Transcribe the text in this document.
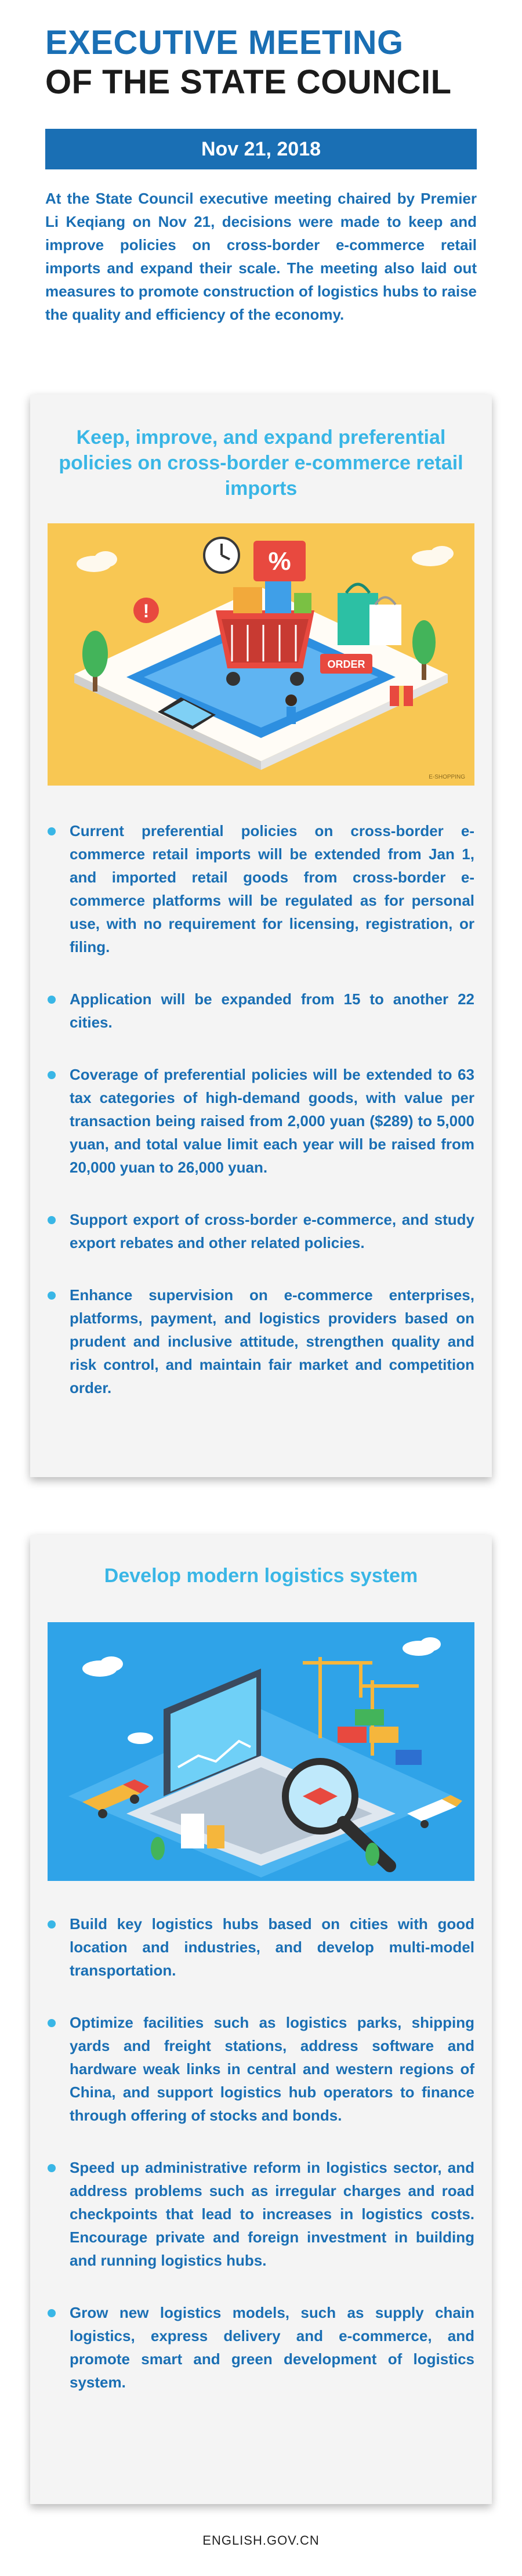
EXECUTIVE MEETING
OF THE STATE COUNCIL
Nov 21, 2018
At the State Council executive meeting chaired by Premier Li Keqiang on Nov 21, decisions were made to keep and improve policies on cross-border e-commerce retail imports and expand their scale. The meeting also laid out measures to promote construction of logistics hubs to raise the quality and efficiency of the economy.
Keep, improve, and expand preferential policies on cross-border e-commerce retail imports
%
ORDER
!
E-SHOPPING
Current preferential policies on cross-border e-commerce retail imports will be extended from Jan 1, and imported retail goods from cross-border e-commerce platforms will be regulated as for personal use, with no requirement for licensing, registration, or filing.
Application will be expanded from 15 to another 22 cities.
Coverage of preferential policies will be extended to 63 tax categories of high-demand goods, with value per transaction being raised from 2,000 yuan ($289) to 5,000 yuan, and total value limit each year will be raised from 20,000 yuan to 26,000 yuan.
Support export of cross-border e-commerce, and study export rebates and other related policies.
Enhance supervision on e-commerce enterprises, platforms, payment, and logistics providers based on prudent and inclusive attitude, strengthen quality and risk control, and maintain fair market and competition order.
Develop modern logistics system
Build key logistics hubs based on cities with good location and industries, and develop multi-model transportation.
Optimize facilities such as logistics parks, shipping yards and freight stations, address software and hardware weak links in central and western regions of China, and support logistics hub operators to finance through offering of stocks and bonds.
Speed up administrative reform in logistics sector, and address problems such as irregular charges and road checkpoints that lead to increases in logistics costs. Encourage private and foreign investment in building and running logistics hubs.
Grow new logistics models, such as supply chain logistics, express delivery and e-commerce, and promote smart and green development of logistics system.
ENGLISH.GOV.CN
